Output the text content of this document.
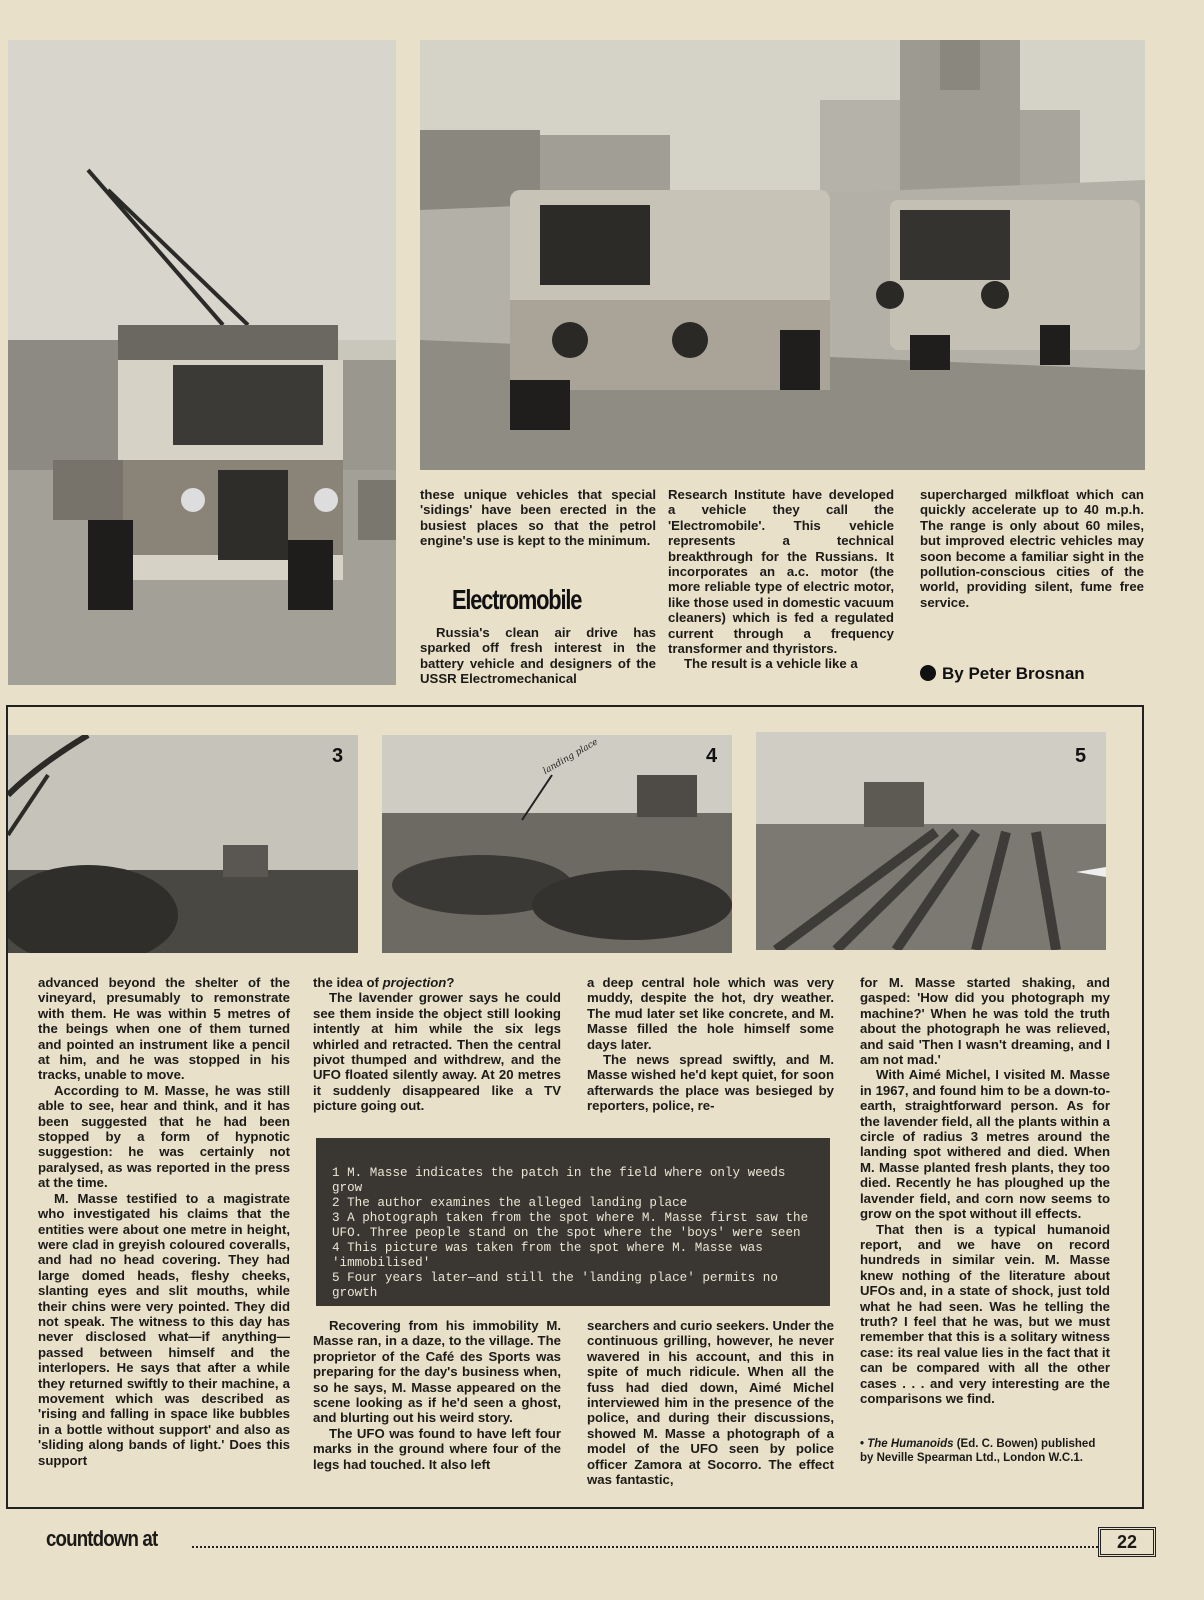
these unique vehicles that special 'sidings' have been erected in the busiest places so that the petrol engine's use is kept to the minimum.

Electromobile

Russia's clean air drive has sparked off fresh interest in the battery vehicle and designers of the USSR Electromechanical

Research Institute have developed a vehicle they call the 'Electromobile'. This vehicle represents a technical breakthrough for the Russians. It incorporates an a.c. motor (the more reliable type of electric motor, like those used in domestic vacuum cleaners) which is fed a regulated current through a frequency transformer and thyristors.

The result is a vehicle like a

supercharged milkfloat which can quickly accelerate up to 40 m.p.h. The range is only about 60 miles, but improved electric vehicles may soon become a familiar sight in the pollution-conscious cities of the world, providing silent, fume free service.

By Peter Brosnan
3	landing place	4	5

advanced beyond the shelter of the vineyard, presumably to remonstrate with them. He was within 5 metres of the beings when one of them turned and pointed an instrument like a pencil at him, and he was stopped in his tracks, unable to move.

According to M. Masse, he was still able to see, hear and think, and it has been suggested that he had been stopped by a form of hypnotic suggestion: he was certainly not paralysed, as was reported in the press at the time.

M. Masse testified to a magistrate who investigated his claims that the entities were about one metre in height, were clad in greyish coloured coveralls, and had no head covering. They had large domed heads, fleshy cheeks, slanting eyes and slit mouths, while their chins were very pointed. They did not speak. The witness to this day has never disclosed what—if anything—passed between himself and the interlopers. He says that after a while they returned swiftly to their machine, a movement which was described as 'rising and falling in space like bubbles in a bottle without support' and also as 'sliding along bands of light.' Does this support

the idea of projection?

The lavender grower says he could see them inside the object still looking intently at him while the six legs whirled and retracted. Then the central pivot thumped and withdrew, and the UFO floated silently away. At 20 metres it suddenly disappeared like a TV picture going out.

a deep central hole which was very muddy, despite the hot, dry weather. The mud later set like concrete, and M. Masse filled the hole himself some days later.

The news spread swiftly, and M. Masse wished he'd kept quiet, for soon afterwards the place was besieged by reporters, police, re-

for M. Masse started shaking, and gasped: 'How did you photograph my machine?' When he was told the truth about the photograph he was relieved, and said 'Then I wasn't dreaming, and I am not mad.'

With Aimé Michel, I visited M. Masse in 1967, and found him to be a down-to-earth, straightforward person. As for the lavender field, all the plants within a circle of radius 3 metres around the landing spot withered and died. When M. Masse planted fresh plants, they too died. Recently he has ploughed up the lavender field, and corn now seems to grow on the spot without ill effects.

That then is a typical humanoid report, and we have on record hundreds in similar vein. M. Masse knew nothing of the literature about UFOs and, in a state of shock, just told what he had seen. Was he telling the truth? I feel that he was, but we must remember that this is a solitary witness case: its real value lies in the fact that it can be compared with all the other cases . . . and very interesting are the comparisons we find.

• The Humanoids (Ed. C. Bowen) published by Neville Spearman Ltd., London W.C.1.
1 M. Masse indicates the patch in the field where only weeds grow
2 The author examines the alleged landing place
3 A photograph taken from the spot where M. Masse first saw the UFO. Three people stand on the spot where the 'boys' were seen
4 This picture was taken from the spot where M. Masse was 'immobilised'
5 Four years later—and still the 'landing place' permits no growth

Recovering from his immobility M. Masse ran, in a daze, to the village. The proprietor of the Café des Sports was preparing for the day's business when, so he says, M. Masse appeared on the scene looking as if he'd seen a ghost, and blurting out his weird story.

The UFO was found to have left four marks in the ground where four of the legs had touched. It also left

searchers and curio seekers. Under the continuous grilling, however, he never wavered in his account, and this in spite of much ridicule. When all the fuss had died down, Aimé Michel interviewed him in the presence of the police, and during their discussions, showed M. Masse a photograph of a model of the UFO seen by police officer Zamora at Socorro. The effect was fantastic,

countdown at	22
